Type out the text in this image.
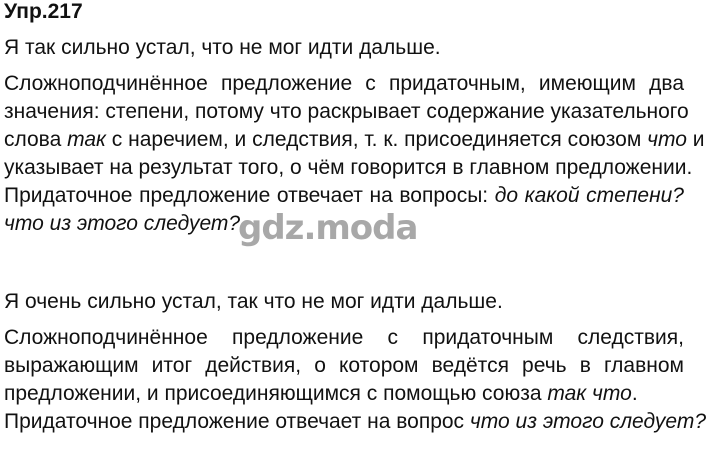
Упр.217
Я так сильно устал, что не мог идти дальше.
Сложноподчинённое предложение с придаточным, имеющим два
значения: степени, потому что раскрывает содержание указательного
слова так с наречием, и следствия, т. к. присоединяется союзом что и
указывает на результат того, о чём говорится в главном предложении.
Придаточное предложение отвечает на вопросы: до какой степени?
что из этого следует?
gdz.moda
Я очень сильно устал, так что не мог идти дальше.
Сложноподчинённое предложение с придаточным следствия,
выражающим итог действия, о котором ведётся речь в главном
предложении, и присоединяющимся с помощью союза так что.
Придаточное предложение отвечает на вопрос что из этого следует?
